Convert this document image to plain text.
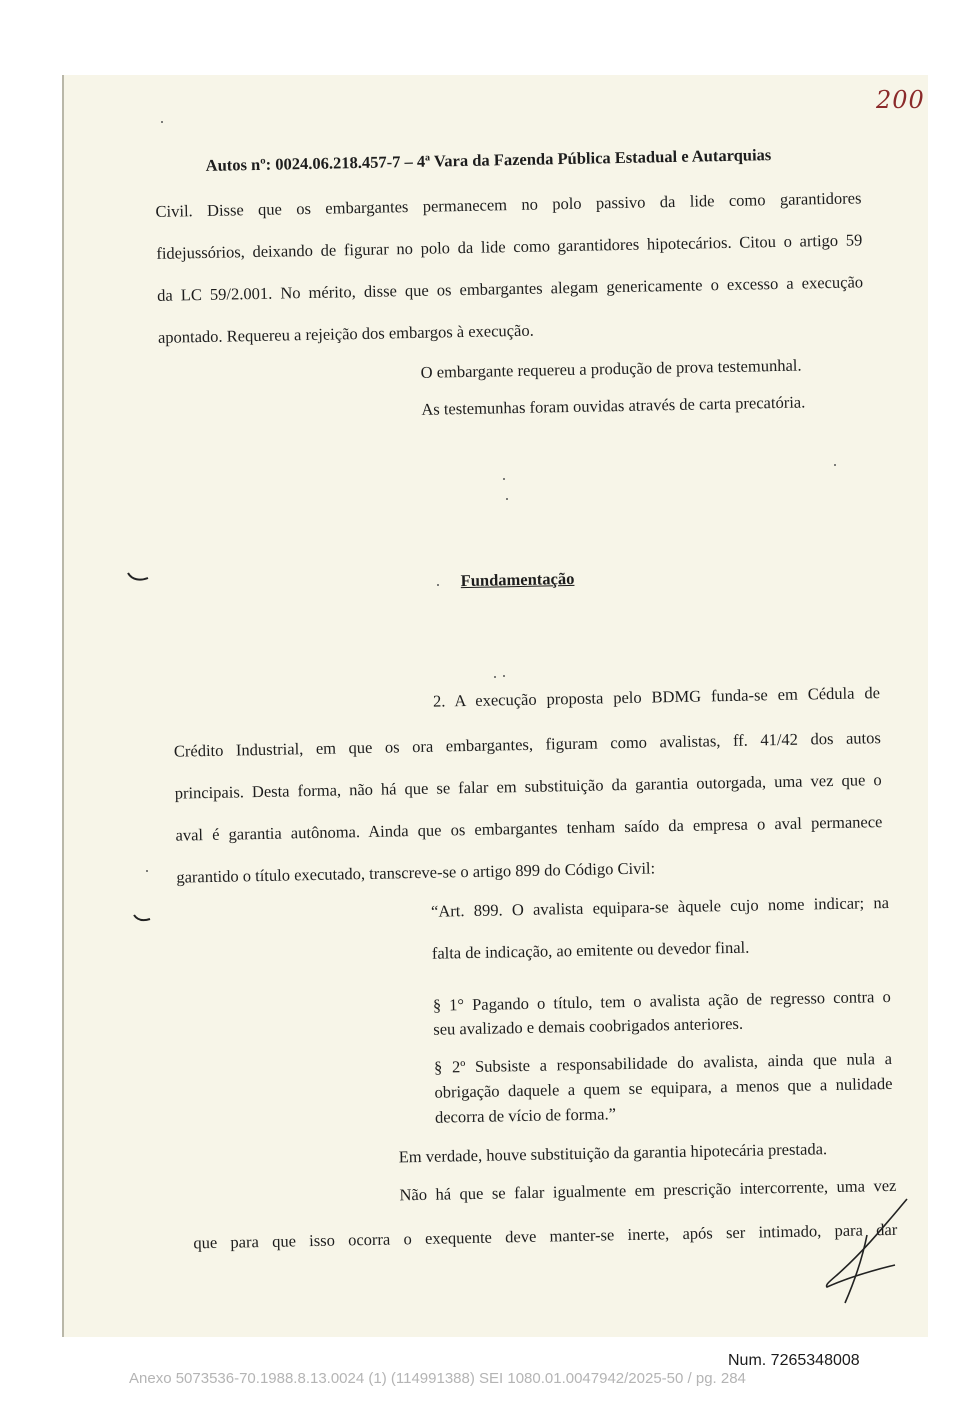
200
Autos nº: 0024.06.218.457-7 – 4ª Vara da Fazenda Pública Estadual e Autarquias
Civil. Disse que os embargantes permanecem no polo passivo da lide como garantidores
fidejussórios, deixando de figurar no polo da lide como garantidores hipotecários. Citou o artigo 59
da LC 59/2.001. No mérito, disse que os embargantes alegam genericamente o excesso a execução
apontado. Requereu a rejeição dos embargos à execução.
O embargante requereu a produção de prova testemunhal.
As testemunhas foram ouvidas através de carta precatória.
Fundamentação
2. A execução proposta pelo BDMG funda-se em Cédula de
Crédito Industrial, em que os ora embargantes, figuram como avalistas, ff. 41/42 dos autos
principais. Desta forma, não há que se falar em substituição da garantia outorgada, uma vez que o
aval é garantia autônoma. Ainda que os embargantes tenham saído da empresa o aval permanece
garantido o título executado, transcreve-se o artigo 899 do Código Civil:
“Art. 899. O avalista equipara-se àquele cujo nome indicar; na
falta de indicação, ao emitente ou devedor final.
§ 1° Pagando o título, tem o avalista ação de regresso contra o
seu avalizado e demais coobrigados anteriores.
§ 2º Subsiste a responsabilidade do avalista, ainda que nula a
obrigação daquele a quem se equipara, a menos que a nulidade
decorra de vício de forma.”
Em verdade, houve substituição da garantia hipotecária prestada.
Não há que se falar igualmente em prescrição intercorrente, uma vez
que para que isso ocorra o exequente deve manter-se inerte, após ser intimado, para dar
Num. 7265348008
Anexo 5073536-70.1988.8.13.0024 (1) (114991388) SEI 1080.01.0047942/2025-50 / pg. 284
